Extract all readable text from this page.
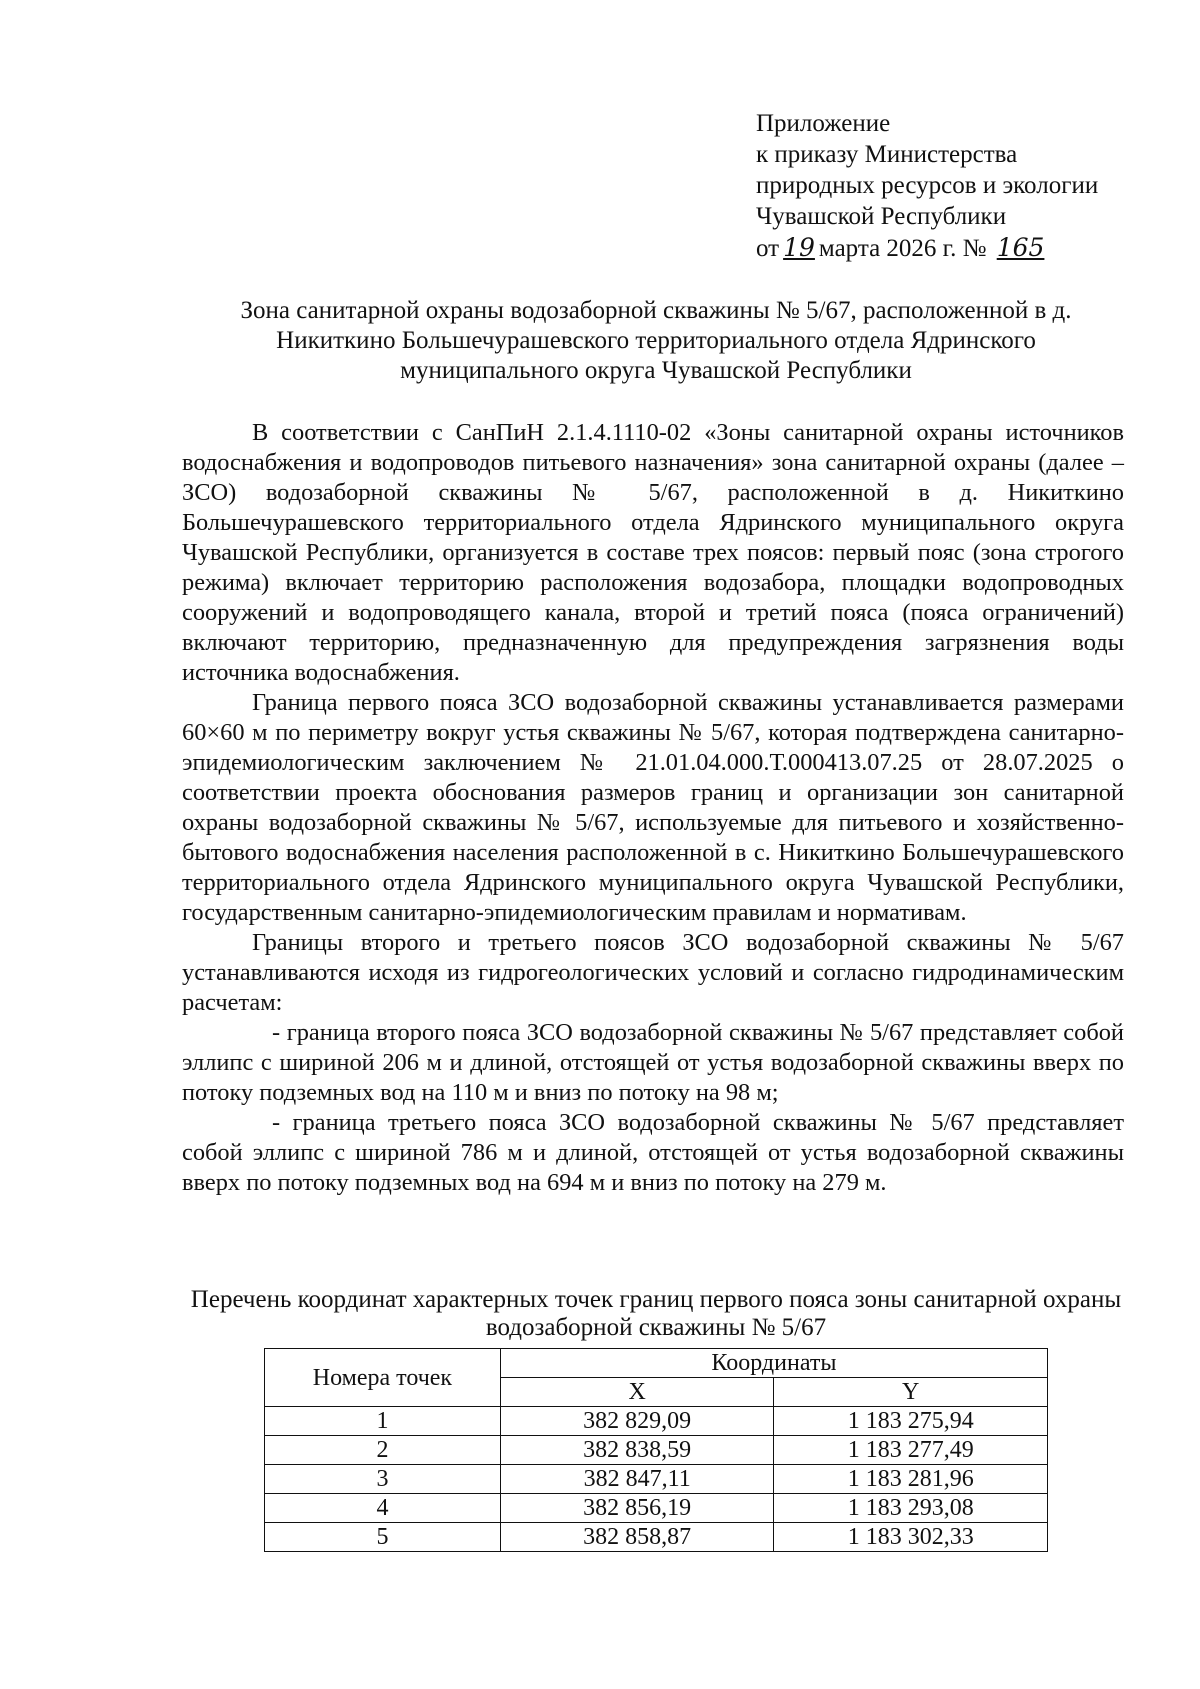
Приложение
к приказу Министерства
природных ресурсов и экологии
Чувашской Республики
от 19 марта 2026 г. № 165
Зона санитарной охраны водозаборной скважины № 5/67, расположенной в д. Никиткино Большечурашевского территориального отдела Ядринского муниципального округа Чувашской Республики

В соответствии с СанПиН 2.1.4.1110-02 «Зоны санитарной охраны источников водоснабжения и водопроводов питьевого назначения» зона санитарной охраны (далее – ЗСО) водозаборной скважины № 5/67, расположенной в д. Никиткино Большечурашевского территориального отдела Ядринского муниципального округа Чувашской Республики, организуется в составе трех поясов: первый пояс (зона строгого режима) включает территорию расположения водозабора, площадки водопроводных сооружений и водопроводящего канала, второй и третий пояса (пояса ограничений) включают территорию, предназначенную для предупреждения загрязнения воды источника водоснабжения.

Граница первого пояса ЗСО водозаборной скважины устанавливается размерами 60×60 м по периметру вокруг устья скважины № 5/67, которая подтверждена санитарно-эпидемиологическим заключением № 21.01.04.000.Т.000413.07.25 от 28.07.2025 о соответствии проекта обоснования размеров границ и организации зон санитарной охраны водозаборной скважины № 5/67, используемые для питьевого и хозяйственно-бытового водоснабжения населения расположенной в с. Никиткино Большечурашевского территориального отдела Ядринского муниципального округа Чувашской Республики, государственным санитарно-эпидемиологическим правилам и нормативам.

Границы второго и третьего поясов ЗСО водозаборной скважины № 5/67 устанавливаются исходя из гидрогеологических условий и согласно гидродинамическим расчетам:

- граница второго пояса ЗСО водозаборной скважины № 5/67 представляет собой эллипс с шириной 206 м и длиной, отстоящей от устья водозаборной скважины вверх по потоку подземных вод на 110 м и вниз по потоку на 98 м;

- граница третьего пояса ЗСО водозаборной скважины № 5/67 представляет собой эллипс с шириной 786 м и длиной, отстоящей от устья водозаборной скважины вверх по потоку подземных вод на 694 м и вниз по потоку на 279 м.

Перечень координат характерных точек границ первого пояса зоны санитарной охраны водозаборной скважины № 5/67
Номера точек	Координаты	
	X	Y
1	382 829,09	1 183 275,94
2	382 838,59	1 183 277,49
3	382 847,11	1 183 281,96
4	382 856,19	1 183 293,08
5	382 858,87	1 183 302,33
